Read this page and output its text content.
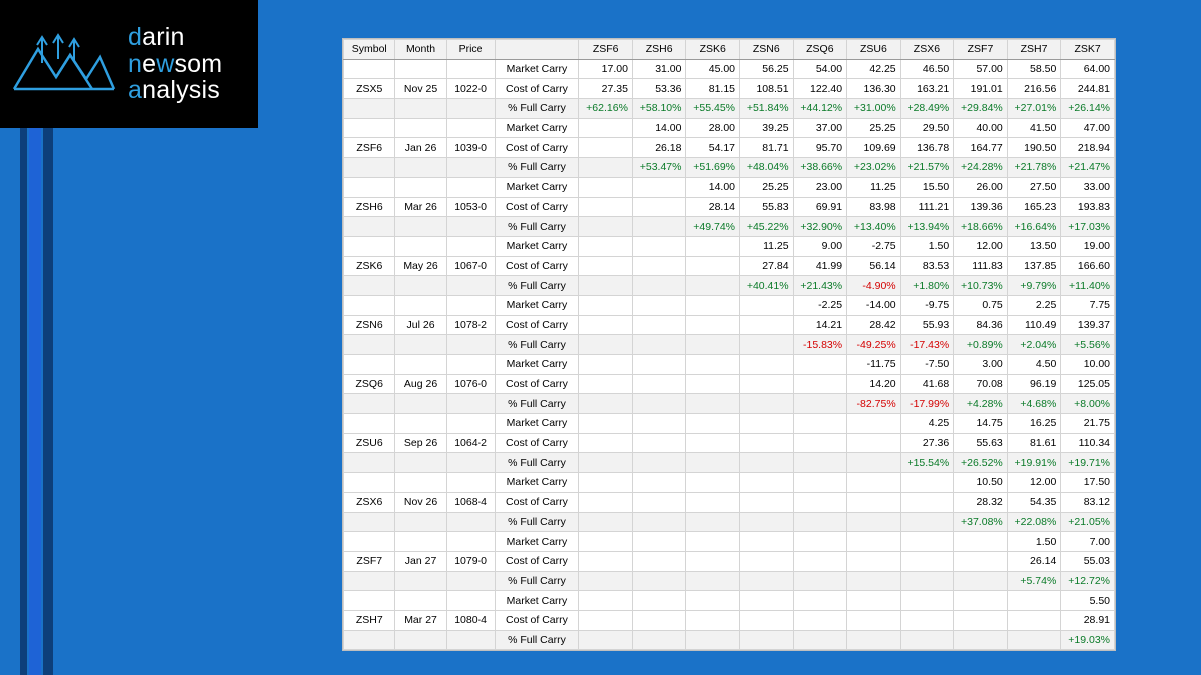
darin
newsom
analysis
Symbol	Month	Price		ZSF6	ZSH6	ZSK6	ZSN6	ZSQ6	ZSU6	ZSX6	ZSF7	ZSH7	ZSK7
			Market Carry	17.00	31.00	45.00	56.25	54.00	42.25	46.50	57.00	58.50	64.00
ZSX5	Nov 25	1022-0	Cost of Carry	27.35	53.36	81.15	108.51	122.40	136.30	163.21	191.01	216.56	244.81
			% Full Carry	+62.16%	+58.10%	+55.45%	+51.84%	+44.12%	+31.00%	+28.49%	+29.84%	+27.01%	+26.14%
			Market Carry		14.00	28.00	39.25	37.00	25.25	29.50	40.00	41.50	47.00
ZSF6	Jan 26	1039-0	Cost of Carry		26.18	54.17	81.71	95.70	109.69	136.78	164.77	190.50	218.94
			% Full Carry		+53.47%	+51.69%	+48.04%	+38.66%	+23.02%	+21.57%	+24.28%	+21.78%	+21.47%
			Market Carry			14.00	25.25	23.00	11.25	15.50	26.00	27.50	33.00
ZSH6	Mar 26	1053-0	Cost of Carry			28.14	55.83	69.91	83.98	111.21	139.36	165.23	193.83
			% Full Carry			+49.74%	+45.22%	+32.90%	+13.40%	+13.94%	+18.66%	+16.64%	+17.03%
			Market Carry				11.25	9.00	-2.75	1.50	12.00	13.50	19.00
ZSK6	May 26	1067-0	Cost of Carry				27.84	41.99	56.14	83.53	111.83	137.85	166.60
			% Full Carry				+40.41%	+21.43%	-4.90%	+1.80%	+10.73%	+9.79%	+11.40%
			Market Carry					-2.25	-14.00	-9.75	0.75	2.25	7.75
ZSN6	Jul 26	1078-2	Cost of Carry					14.21	28.42	55.93	84.36	110.49	139.37
			% Full Carry					-15.83%	-49.25%	-17.43%	+0.89%	+2.04%	+5.56%
			Market Carry						-11.75	-7.50	3.00	4.50	10.00
ZSQ6	Aug 26	1076-0	Cost of Carry						14.20	41.68	70.08	96.19	125.05
			% Full Carry						-82.75%	-17.99%	+4.28%	+4.68%	+8.00%
			Market Carry							4.25	14.75	16.25	21.75
ZSU6	Sep 26	1064-2	Cost of Carry							27.36	55.63	81.61	110.34
			% Full Carry							+15.54%	+26.52%	+19.91%	+19.71%
			Market Carry								10.50	12.00	17.50
ZSX6	Nov 26	1068-4	Cost of Carry								28.32	54.35	83.12
			% Full Carry								+37.08%	+22.08%	+21.05%
			Market Carry									1.50	7.00
ZSF7	Jan 27	1079-0	Cost of Carry									26.14	55.03
			% Full Carry									+5.74%	+12.72%
			Market Carry										5.50
ZSH7	Mar 27	1080-4	Cost of Carry										28.91
			% Full Carry										+19.03%
